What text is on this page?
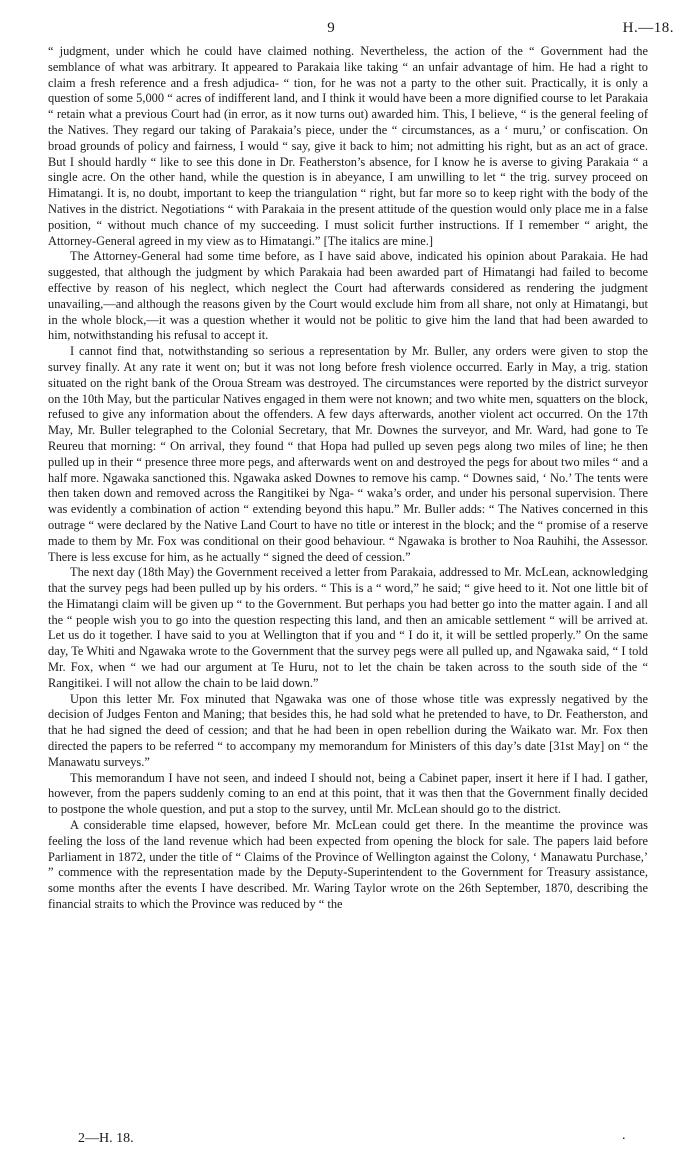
9	H.—18.

“ judgment, under which he could have claimed nothing. Nevertheless, the action of the “ Government had the semblance of what was arbitrary. It appeared to Parakaia like taking “ an unfair advantage of him. He had a right to claim a fresh reference and a fresh adjudica- “ tion, for he was not a party to the other suit. Practically, it is only a question of some 5,000 “ acres of indifferent land, and I think it would have been a more dignified course to let Parakaia “ retain what a previous Court had (in error, as it now turns out) awarded him. This, I believe, “ is the general feeling of the Natives. They regard our taking of Parakaia’s piece, under the “ circumstances, as a ‘ muru,’ or confiscation. On broad grounds of policy and fairness, I would “ say, give it back to him; not admitting his right, but as an act of grace. But I should hardly “ like to see this done in Dr. Featherston’s absence, for I know he is averse to giving Parakaia “ a single acre. On the other hand, while the question is in abeyance, I am unwilling to let “ the trig. survey proceed on Himatangi. It is, no doubt, important to keep the triangulation “ right, but far more so to keep right with the body of the Natives in the district. Negotiations “ with Parakaia in the present attitude of the question would only place me in a false position, “ without much chance of my succeeding. I must solicit further instructions. If I remember “ aright, the Attorney-General agreed in my view as to Himatangi.” [The italics are mine.]

The Attorney-General had some time before, as I have said above, indicated his opinion about Parakaia. He had suggested, that although the judgment by which Parakaia had been awarded part of Himatangi had failed to become effective by reason of his neglect, which neglect the Court had afterwards considered as rendering the judgment unavailing,—and although the reasons given by the Court would exclude him from all share, not only at Himatangi, but in the whole block,—it was a question whether it would not be politic to give him the land that had been awarded to him, notwithstanding his refusal to accept it.

I cannot find that, notwithstanding so serious a representation by Mr. Buller, any orders were given to stop the survey finally. At any rate it went on; but it was not long before fresh violence occurred. Early in May, a trig. station situated on the right bank of the Oroua Stream was destroyed. The circumstances were reported by the district surveyor on the 10th May, but the particular Natives engaged in them were not known; and two white men, squatters on the block, refused to give any information about the offenders. A few days afterwards, another violent act occurred. On the 17th May, Mr. Buller telegraphed to the Colonial Secretary, that Mr. Downes the surveyor, and Mr. Ward, had gone to Te Reureu that morning: “ On arrival, they found “ that Hopa had pulled up seven pegs along two miles of line; he then pulled up in their “ presence three more pegs, and afterwards went on and destroyed the pegs for about two miles “ and a half more. Ngawaka sanctioned this. Ngawaka asked Downes to remove his camp. “ Downes said, ‘ No.’ The tents were then taken down and removed across the Rangitikei by Nga- “ waka’s order, and under his personal supervision. There was evidently a combination of action “ extending beyond this hapu.” Mr. Buller adds: “ The Natives concerned in this outrage “ were declared by the Native Land Court to have no title or interest in the block; and the “ promise of a reserve made to them by Mr. Fox was conditional on their good behaviour. “ Ngawaka is brother to Noa Rauhihi, the Assessor. There is less excuse for him, as he actually “ signed the deed of cession.”

The next day (18th May) the Government received a letter from Parakaia, addressed to Mr. McLean, acknowledging that the survey pegs had been pulled up by his orders. “ This is a “ word,” he said; “ give heed to it. Not one little bit of the Himatangi claim will be given up “ to the Government. But perhaps you had better go into the matter again. I and all the “ people wish you to go into the question respecting this land, and then an amicable settlement “ will be arrived at. Let us do it together. I have said to you at Wellington that if you and “ I do it, it will be settled properly.” On the same day, Te Whiti and Ngawaka wrote to the Government that the survey pegs were all pulled up, and Ngawaka said, “ I told Mr. Fox, when “ we had our argument at Te Huru, not to let the chain be taken across to the south side of the “ Rangitikei. I will not allow the chain to be laid down.”

Upon this letter Mr. Fox minuted that Ngawaka was one of those whose title was expressly negatived by the decision of Judges Fenton and Maning; that besides this, he had sold what he pretended to have, to Dr. Featherston, and that he had signed the deed of cession; and that he had been in open rebellion during the Waikato war. Mr. Fox then directed the papers to be referred “ to accompany my memorandum for Ministers of this day’s date [31st May] on “ the Manawatu surveys.”

This memorandum I have not seen, and indeed I should not, being a Cabinet paper, insert it here if I had. I gather, however, from the papers suddenly coming to an end at this point, that it was then that the Government finally decided to postpone the whole question, and put a stop to the survey, until Mr. McLean should go to the district.

A considerable time elapsed, however, before Mr. McLean could get there. In the meantime the province was feeling the loss of the land revenue which had been expected from opening the block for sale. The papers laid before Parliament in 1872, under the title of “ Claims of the Province of Wellington against the Colony, ‘ Manawatu Purchase,’ ” commence with the representation made by the Deputy-Superintendent to the Government for Treasury assistance, some months after the events I have described. Mr. Waring Taylor wrote on the 26th September, 1870, describing the financial straits to which the Province was reduced by “ the

2—H. 18.	.
